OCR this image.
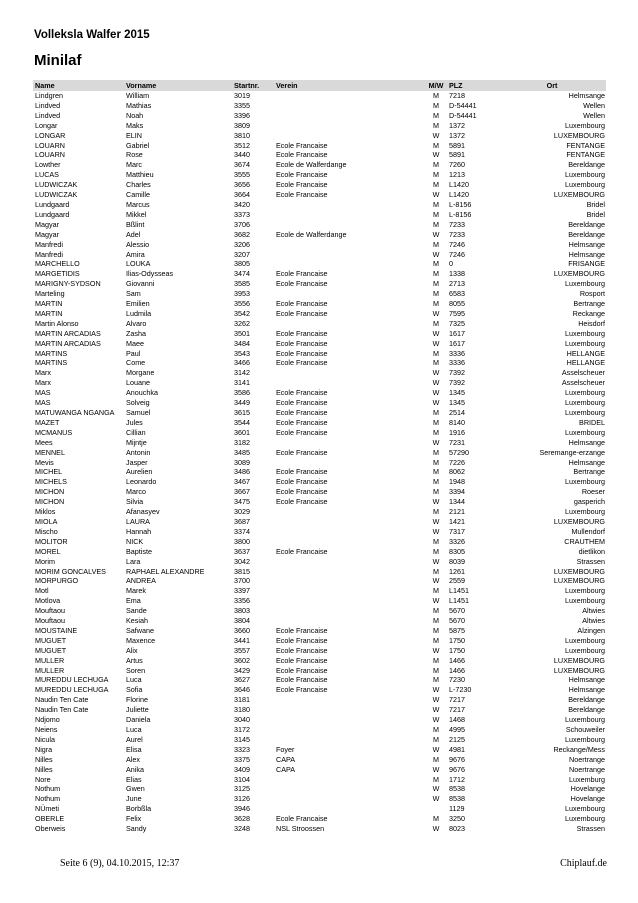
Volleksla Walfer 2015
Minilaf
Name	Vorname	Startnr.	Verein	M/W	PLZ	Ort
Lindgren	William	3019		M	7218	Helmsange
Lindved	Mathias	3355		M	D-54441	Wellen
Lindved	Noah	3396		M	D-54441	Wellen
Longar	Maks	3809		M	1372	Luxembourg
LONGAR	ELIN	3810		W	1372	LUXEMBOURG
LOUARN	Gabriel	3512	Ecole Francaise	M	5891	FENTANGE
LOUARN	Rose	3440	Ecole Francaise	W	5891	FENTANGE
Lowther	Marc	3674	Ecole de Walferdange	M	7260	Bereldange
LUCAS	Matthieu	3555	Ecole Francaise	M	1213	Luxembourg
LUDWICZAK	Charles	3656	Ecole Francaise	M	L1420	Luxembourg
LUDWICZAK	Camille	3664	Ecole Francaise	W	L1420	LUXEMBOURG
Lundgaard	Marcus	3420		M	L-8156	Bridel
Lundgaard	Mikkel	3373		M	L-8156	Bridel
Magyar	Bßlint	3706		M	7233	Bereldange
Magyar	Adel	3682	Ecole de Walferdange	W	7233	Bereldange
Manfredi	Alessio	3206		M	7246	Helmsange
Manfredi	Amira	3207		W	7246	Helmsange
MARCHELLO	LOUKA	3805		M	0	FRISANGE
MARGETIDIS	Ilias-Odysseas	3474	Ecole Francaise	M	1338	LUXEMBOURG
MARIGNY-SYDSON	Giovanni	3585	Ecole Francaise	M	2713	Luxembourg
Marteling	Sam	3953		M	6583	Rosport
MARTIN	Emilien	3556	Ecole Francaise	M	8055	Bertrange
MARTIN	Ludmila	3542	Ecole Francaise	W	7595	Reckange
Martin Alonso	Alvaro	3262		M	7325	Heisdorf
MARTIN ARCADIAS	Zasha	3501	Ecole Francaise	W	1617	Luxembourg
MARTIN ARCADIAS	Maee	3484	Ecole Francaise	W	1617	Luxembourg
MARTINS	Paul	3543	Ecole Francaise	M	3336	HELLANGE
MARTINS	Come	3466	Ecole Francaise	M	3336	HELLANGE
Marx	Morgane	3142		W	7392	Asselscheuer
Marx	Louane	3141		W	7392	Asselscheuer
MAS	Anouchka	3586	Ecole Francaise	W	1345	Luxembourg
MAS	Solveig	3449	Ecole Francaise	W	1345	Luxembourg
MATUWANGA NGANGA	Samuel	3615	Ecole Francaise	M	2514	Luxembourg
MAZET	Jules	3544	Ecole Francaise	M	8140	BRIDEL
MCMANUS	Cillian	3601	Ecole Francaise	M	1916	Luxembourg
Mees	Mijntje	3182		W	7231	Helmsange
MENNEL	Antonin	3485	Ecole Francaise	M	57290	Seremange-erzange
Mevis	Jasper	3089		M	7226	Helmsange
MICHEL	Aurelien	3486	Ecole Francaise	M	8062	Bertrange
MICHELS	Leonardo	3467	Ecole Francaise	M	1948	Luxembourg
MICHON	Marco	3667	Ecole Francaise	M	3394	Roeser
MICHON	Silvia	3475	Ecole Francaise	W	1344	gasperich
Miklos	Afanasyev	3029		M	2121	Luxembourg
MIOLA	LAURA	3687		W	1421	LUXEMBOURG
Mischo	Hannah	3374		W	7317	Mullendorf
MOLITOR	NICK	3800		M	3326	CRAUTHEM
MOREL	Baptiste	3637	Ecole Francaise	M	8305	dietlikon
Morim	Lara	3042		W	8039	Strassen
MORIM GONCALVES	RAPHAEL ALEXANDRE	3815		M	1261	LUXEMBOURG
MORPURGO	ANDREA	3700		W	2559	LUXEMBOURG
Motl	Marek	3397		M	L1451	Luxembourg
Motlova	Ema	3356		W	L1451	Luxembourg
Mouftaou	Sande	3803		M	5670	Altwies
Mouftaou	Kesiah	3804		M	5670	Altwies
MOUSTAINE	Safwane	3660	Ecole Francaise	M	5875	Alzingen
MUGUET	Maxence	3441	Ecole Francaise	M	1750	Luxembourg
MUGUET	Alix	3557	Ecole Francaise	W	1750	Luxembourg
MULLER	Artus	3602	Ecole Francaise	M	1466	LUXEMBOURG
MULLER	Soren	3429	Ecole Francaise	M	1466	LUXEMBOURG
MUREDDU LECHUGA	Luca	3627	Ecole Francaise	M	7230	Helmsange
MUREDDU LECHUGA	Sofia	3646	Ecole Francaise	W	L-7230	Helmsange
Naudin Ten Cate	Florine	3181		W	7217	Bereldange
Naudin Ten Cate	Juliette	3180		W	7217	Bereldange
Ndjomo	Daniela	3040		W	1468	Luxembourg
Neiens	Luca	3172		M	4995	Schouweiler
Nicula	Aurel	3145		M	2125	Luxembourg
Nigra	Elisa	3323	Foyer	W	4981	Reckange/Mess
Nilles	Alex	3375	CAPA	M	9676	Noertrange
Nilles	Anika	3409	CAPA	W	9676	Noertrange
Nore	Elias	3104		M	1712	Luxemburg
Nothum	Gwen	3125		W	8538	Hovelange
Nothum	June	3126		W	8538	Hovelange
NÜmeti	Borbßla	3946			1129	Luxembourg
OBERLE	Felix	3628	Ecole Francaise	M	3250	Luxembourg
Oberweis	Sandy	3248	NSL Stroossen	W	8023	Strassen
Seite 6 (9), 04.10.2015, 12:37	Chiplauf.de
